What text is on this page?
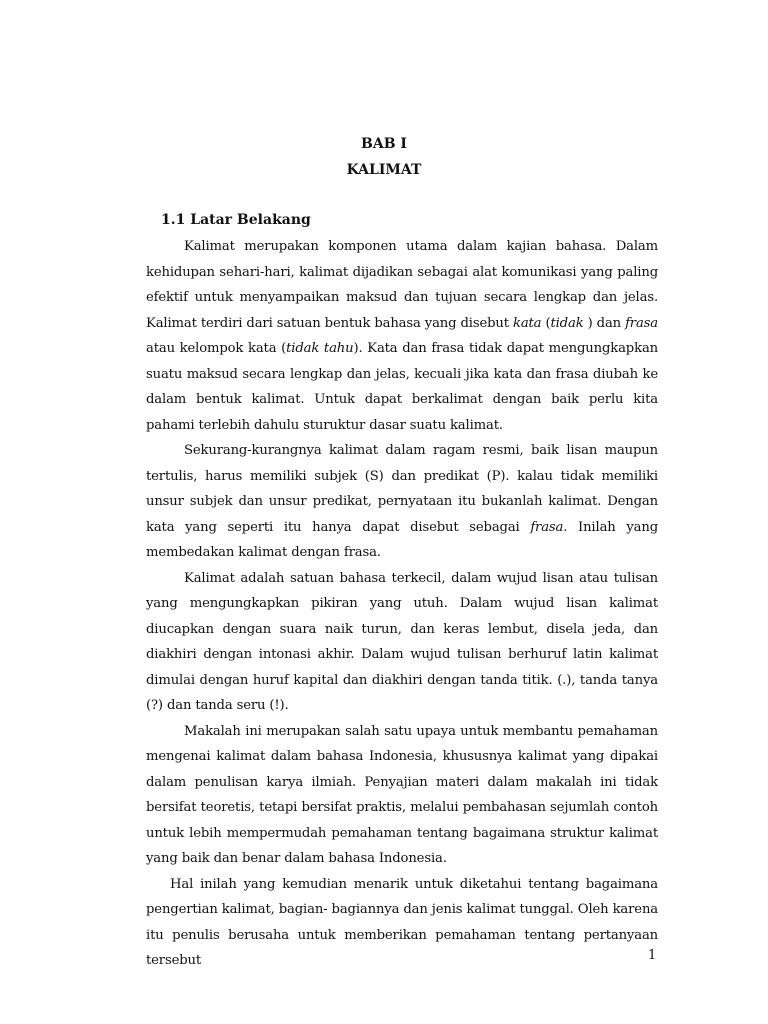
BAB I
KALIMAT
1.1 Latar Belakang

Kalimat merupakan komponen utama dalam kajian bahasa. Dalam kehidupan sehari-hari, kalimat dijadikan sebagai alat komunikasi yang paling efektif untuk menyampaikan maksud dan tujuan secara lengkap dan jelas. Kalimat terdiri dari satuan bentuk bahasa yang disebut kata (tidak ) dan frasa atau kelompok kata (tidak tahu). Kata dan frasa tidak dapat mengungkapkan suatu maksud secara lengkap dan jelas, kecuali jika kata dan frasa diubah ke dalam bentuk kalimat. Untuk dapat berkalimat dengan baik perlu kita pahami terlebih dahulu sturuktur dasar suatu kalimat.

Sekurang-kurangnya kalimat dalam ragam resmi, baik lisan maupun tertulis, harus memiliki subjek (S) dan predikat (P). kalau tidak memiliki unsur subjek dan unsur predikat, pernyataan itu bukanlah kalimat. Dengan kata yang seperti itu hanya dapat disebut sebagai frasa. Inilah yang membedakan kalimat dengan frasa.

Kalimat adalah satuan bahasa terkecil, dalam wujud lisan atau tulisan yang mengungkapkan pikiran yang utuh. Dalam wujud lisan kalimat diucapkan dengan suara naik turun, dan keras lembut, disela jeda, dan diakhiri dengan intonasi akhir. Dalam wujud tulisan berhuruf latin kalimat dimulai dengan huruf kapital dan diakhiri dengan tanda titik. (.), tanda tanya (?) dan tanda seru (!).

Makalah ini merupakan salah satu upaya untuk membantu pemahaman mengenai kalimat dalam bahasa Indonesia, khususnya kalimat yang dipakai dalam penulisan karya ilmiah. Penyajian materi dalam makalah ini tidak bersifat teoretis, tetapi bersifat praktis, melalui pembahasan sejumlah contoh untuk lebih mempermudah pemahaman tentang bagaimana struktur kalimat yang baik dan benar dalam bahasa Indonesia.

Hal inilah yang kemudian menarik untuk diketahui tentang bagaimana pengertian kalimat, bagian- bagiannya dan jenis kalimat tunggal. Oleh karena itu penulis berusaha untuk memberikan pemahaman tentang pertanyaan tersebut	1
